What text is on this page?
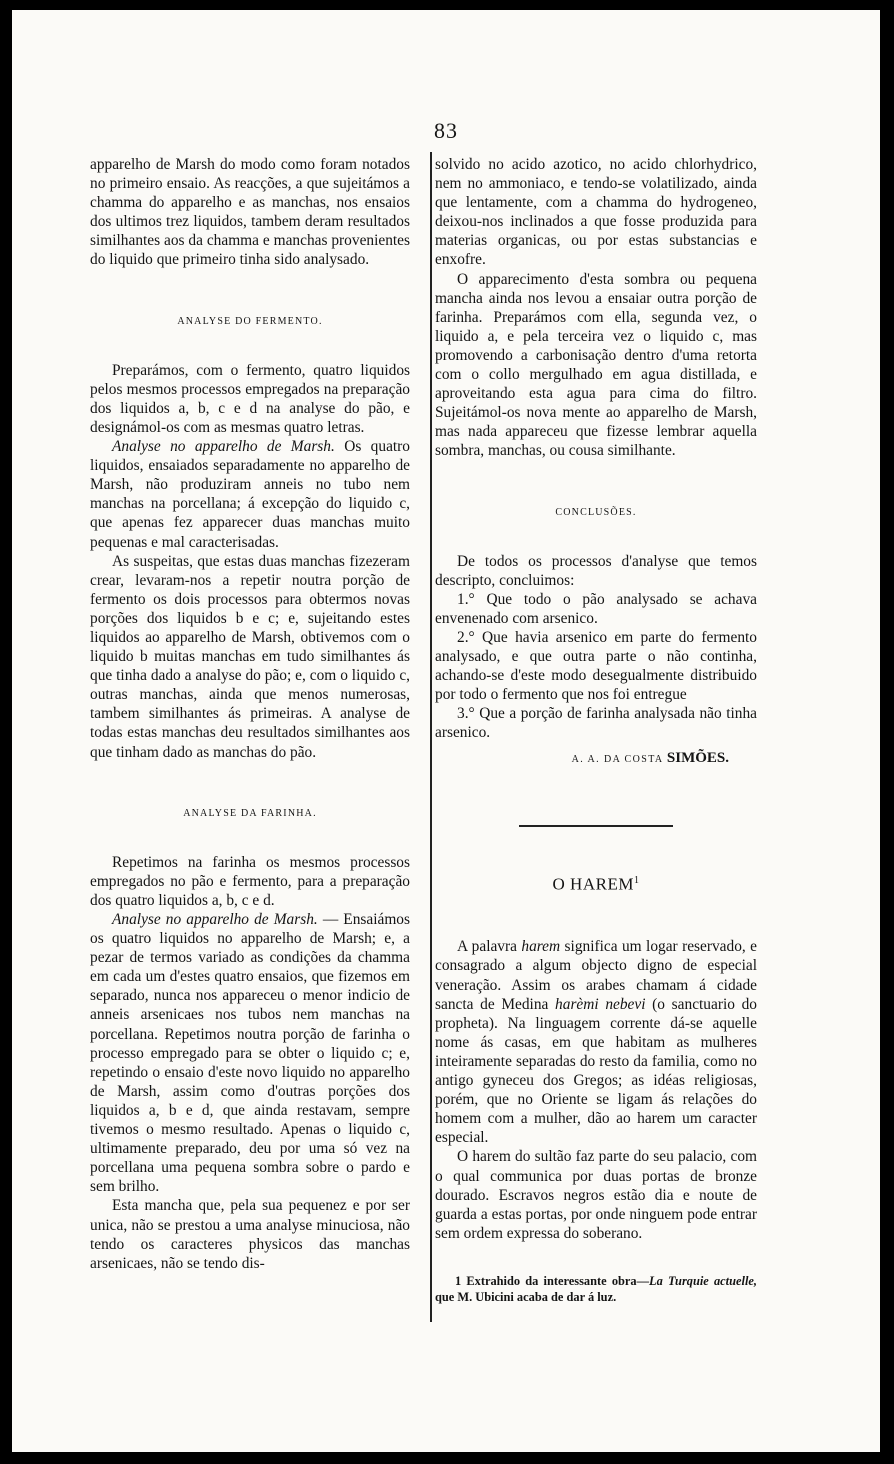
83

apparelho de Marsh do modo como foram notados no primeiro ensaio. As reacções, a que sujeitámos a chamma do apparelho e as manchas, nos ensaios dos ultimos trez liquidos, tambem deram resultados similhantes aos da chamma e manchas provenientes do liquido que primeiro tinha sido analysado.

ANALYSE DO FERMENTO.

Preparámos, com o fermento, quatro liquidos pelos mesmos processos empregados na preparação dos liquidos a, b, c e d na analyse do pão, e designámol-os com as mesmas quatro letras.

Analyse no apparelho de Marsh. Os quatro liquidos, ensaiados separadamente no apparelho de Marsh, não produziram anneis no tubo nem manchas na porcellana; á excepção do liquido c, que apenas fez apparecer duas manchas muito pequenas e mal caracterisadas.

As suspeitas, que estas duas manchas fizezeram crear, levaram-nos a repetir noutra porção de fermento os dois processos para obtermos novas porções dos liquidos b e c; e, sujeitando estes liquidos ao apparelho de Marsh, obtivemos com o liquido b muitas manchas em tudo similhantes ás que tinha dado a analyse do pão; e, com o liquido c, outras manchas, ainda que menos numerosas, tambem similhantes ás primeiras. A analyse de todas estas manchas deu resultados similhantes aos que tinham dado as manchas do pão.

ANALYSE DA FARINHA.

Repetimos na farinha os mesmos processos empregados no pão e fermento, para a preparação dos quatro liquidos a, b, c e d.

Analyse no apparelho de Marsh. — Ensaiámos os quatro liquidos no apparelho de Marsh; e, a pezar de termos variado as condições da chamma em cada um d'estes quatro ensaios, que fizemos em separado, nunca nos appareceu o menor indicio de anneis arsenicaes nos tubos nem manchas na porcellana. Repetimos noutra porção de farinha o processo empregado para se obter o liquido c; e, repetindo o ensaio d'este novo liquido no apparelho de Marsh, assim como d'outras porções dos liquidos a, b e d, que ainda restavam, sempre tivemos o mesmo resultado. Apenas o liquido c, ultimamente preparado, deu por uma só vez na porcellana uma pequena sombra sobre o pardo e sem brilho.

Esta mancha que, pela sua pequenez e por ser unica, não se prestou a uma analyse minuciosa, não tendo os caracteres physicos das manchas arsenicaes, não se tendo dis-

solvido no acido azotico, no acido chlorhydrico, nem no ammoniaco, e tendo-se volatilizado, ainda que lentamente, com a chamma do hydrogeneo, deixou-nos inclinados a que fosse produzida para materias organicas, ou por estas substancias e enxofre.

O apparecimento d'esta sombra ou pequena mancha ainda nos levou a ensaiar outra porção de farinha. Preparámos com ella, segunda vez, o liquido a, e pela terceira vez o liquido c, mas promovendo a carbonisação dentro d'uma retorta com o collo mergulhado em agua distillada, e aproveitando esta agua para cima do filtro. Sujeitámol-os nova mente ao apparelho de Marsh, mas nada appareceu que fizesse lembrar aquella sombra, manchas, ou cousa similhante.

CONCLUSÕES.

De todos os processos d'analyse que temos descripto, concluimos:

1.° Que todo o pão analysado se achava envenenado com arsenico.

2.° Que havia arsenico em parte do fermento analysado, e que outra parte o não continha, achando-se d'este modo desegualmente distribuido por todo o fermento que nos foi entregue

3.° Que a porção de farinha analysada não tinha arsenico.

A. A. DA COSTA SIMÕES.

O HAREM$^1$

A palavra harem significa um logar reservado, e consagrado a algum objecto digno de especial veneração. Assim os arabes chamam á cidade sancta de Medina harèmi nebevi (o sanctuario do propheta). Na linguagem corrente dá-se aquelle nome ás casas, em que habitam as mulheres inteiramente separadas do resto da familia, como no antigo gyneceu dos Gregos; as idéas religiosas, porém, que no Oriente se ligam ás relações do homem com a mulher, dão ao harem um caracter especial.

O harem do sultão faz parte do seu palacio, com o qual communica por duas portas de bronze dourado. Escravos negros estão dia e noute de guarda a estas portas, por onde ninguem pode entrar sem ordem expressa do soberano.

1 Extrahido da interessante obra—La Turquie actuelle, que M. Ubicini acaba de dar á luz.
